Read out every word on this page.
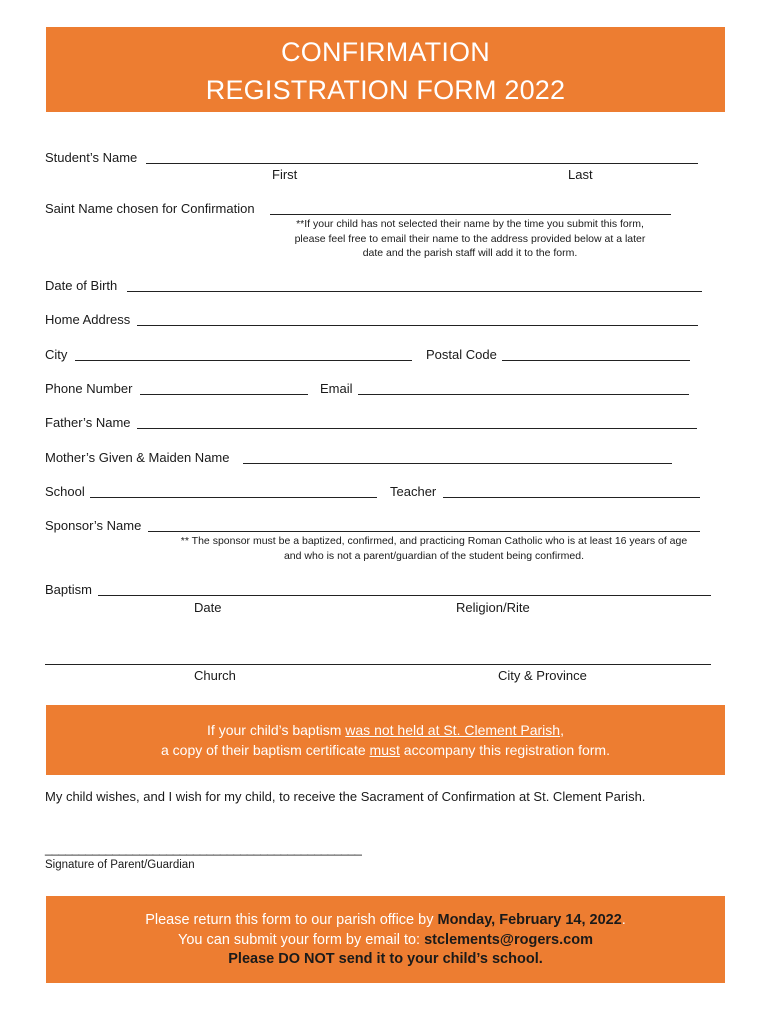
CONFIRMATION
REGISTRATION FORM 2022
Student’s Name
First	Last
Saint Name chosen for Confirmation
**If your child has not selected their name by the time you submit this form,
please feel free to email their name to the address provided below at a later
date and the parish staff will add it to the form.
Date of Birth
Home Address
City	Postal Code
Phone Number	Email
Father’s Name
Mother’s Given & Maiden Name
School	Teacher
Sponsor’s Name
** The sponsor must be a baptized, confirmed, and practicing Roman Catholic who is at least 16 years of age
and who is not a parent/guardian of the student being confirmed.
Baptism
Date	Religion/Rite
Church	City & Province
If your child’s baptism was not held at St. Clement Parish,
a copy of their baptism certificate must accompany this registration form.
My child wishes, and I wish for my child, to receive the Sacrament of Confirmation at St. Clement Parish.
_______________________________________________
Signature of Parent/Guardian
Please return this form to our parish office by Monday, February 14, 2022.
You can submit your form by email to: stclements@rogers.com
Please DO NOT send it to your child’s school.
